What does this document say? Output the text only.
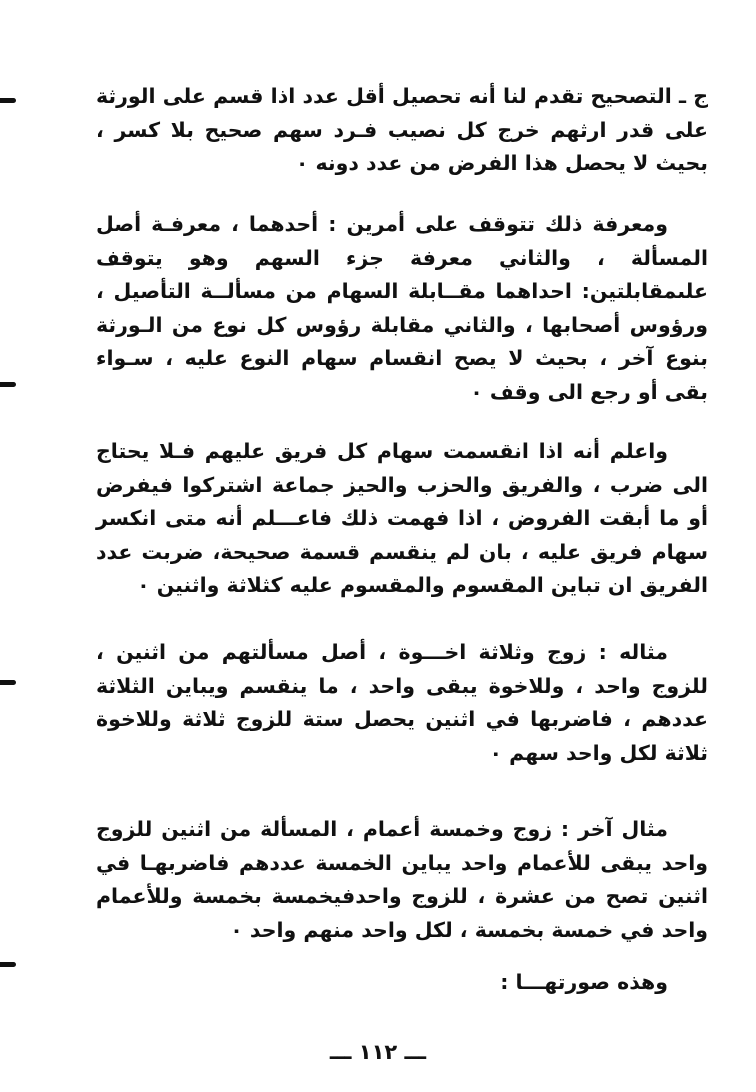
ج ـ التصحيح تقدم لنا أنه تحصيل أقل عدد اذا قسم على الورثة على قدر ارثهم خرج كل نصيب فـرد سهم صحيح بلا كسر ، بحيث لا يحصل هذا الفرض من عدد دونه ٠

ومعرفة ذلك تتوقف على أمرين : أحدهما ، معرفـة أصل المسألة ، والثاني معرفة جزء السهم وهو يتوقف علىمقابلتين: احداهما مقــابلة السهام من مسألــة التأصيل ، ورؤوس أصحابها ، والثاني مقابلة رؤوس كل نوع من الـورثة بنوع آخر ، بحيث لا يصح انقسام سهام النوع عليه ، سـواء بقى أو رجع الى وقف ٠

واعلم أنه اذا انقسمت سهام كل فريق عليهم فـلا يحتاج الى ضرب ، والفريق والحزب والحيز جماعة اشتركوا فيفرض أو ما أبقت الفروض ، اذا فهمت ذلك فاعـــلم أنه متى انكسر سهام فريق عليه ، بان لم ينقسم قسمة صحيحة، ضربت عدد الفريق ان تباين المقسوم والمقسوم عليه كثلاثة واثنين ٠

مثاله : زوج وثلاثة اخـــوة ، أصل مسألتهم من اثنين ، للزوج واحد ، وللاخوة يبقى واحد ، ما ينقسم ويباين الثلاثة عددهم ، فاضربها في اثنين يحصل ستة للزوج ثلاثة وللاخوة ثلاثة لكل واحد سهم ٠

مثال آخر : زوج وخمسة أعمام ، المسألة من اثنين للزوج واحد يبقى للأعمام واحد يباين الخمسة عددهم فاضربهـا في اثنين تصح من عشرة ، للزوج واحدفيخمسة بخمسة وللأعمام واحد في خمسة بخمسة ، لكل واحد منهم واحد ٠

وهذه صورتهـــا :

ـــ ١١٢ ـــ
